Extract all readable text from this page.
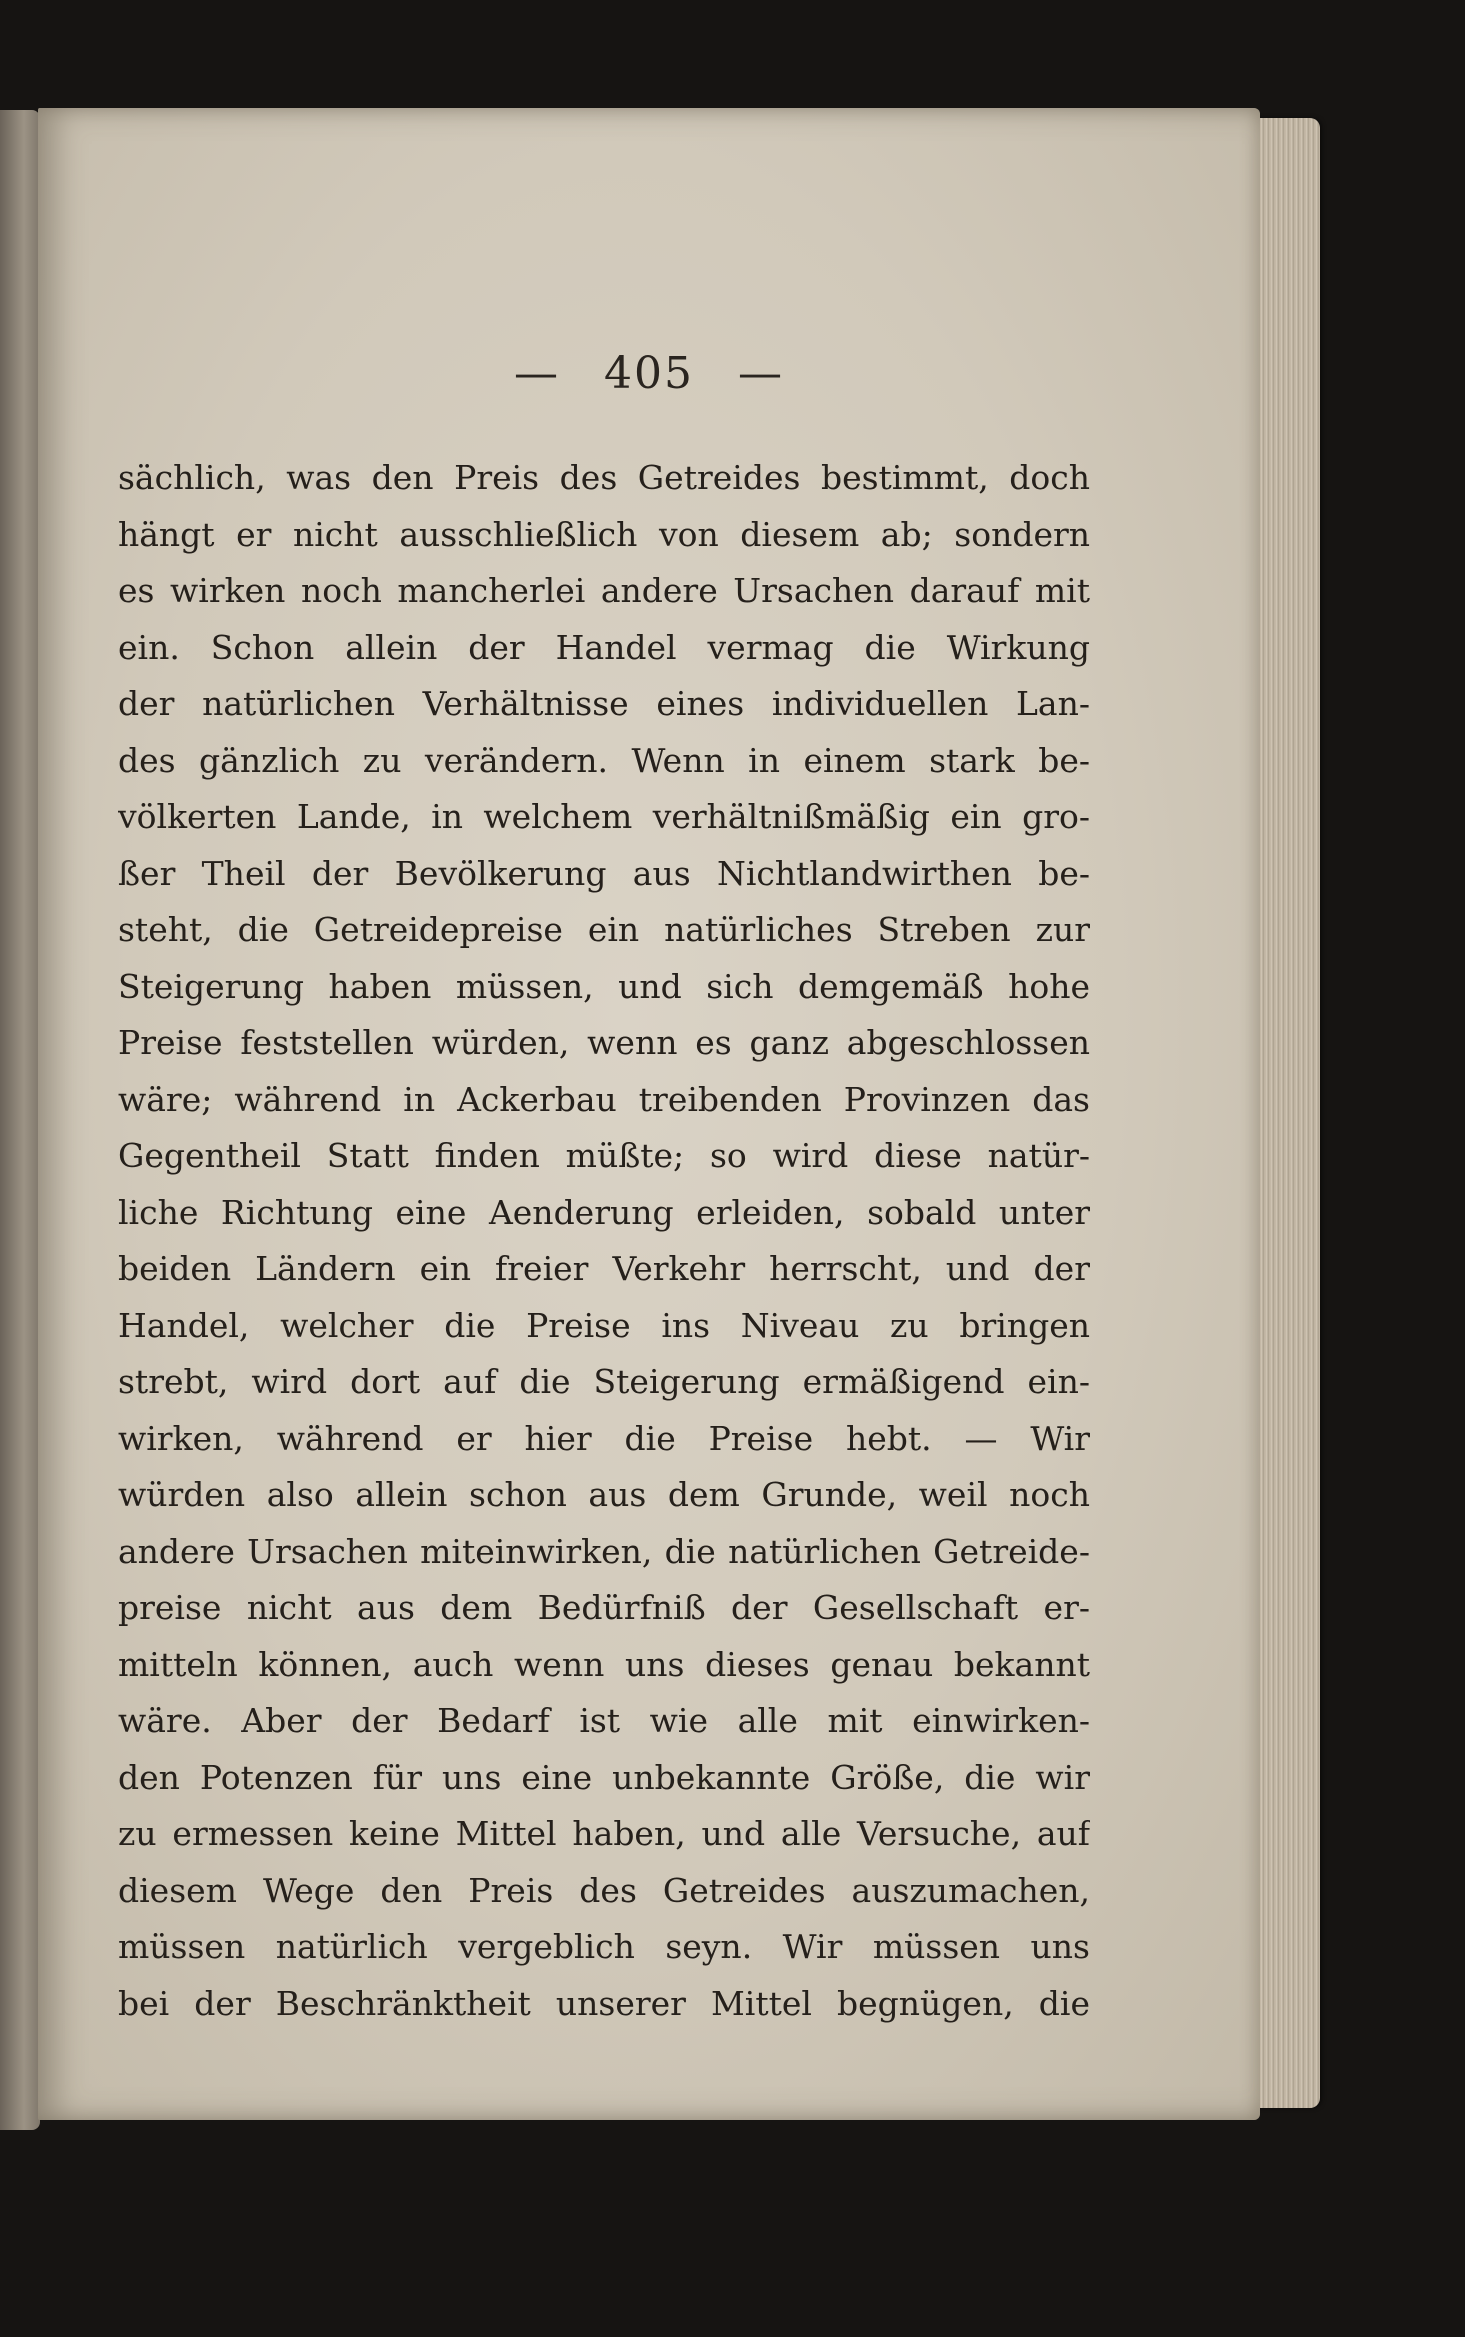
— 405 —
sächlich, was den Preis des Getreides bestimmt, doch
hängt er nicht ausschließlich von diesem ab; sondern
es wirken noch mancherlei andere Ursachen darauf mit
ein. Schon allein der Handel vermag die Wirkung
der natürlichen Verhältnisse eines individuellen Lan-
des gänzlich zu verändern. Wenn in einem stark be-
völkerten Lande, in welchem verhältnißmäßig ein gro-
ßer Theil der Bevölkerung aus Nichtlandwirthen be-
steht, die Getreidepreise ein natürliches Streben zur
Steigerung haben müssen, und sich demgemäß hohe
Preise feststellen würden, wenn es ganz abgeschlossen
wäre; während in Ackerbau treibenden Provinzen das
Gegentheil Statt finden müßte; so wird diese natür-
liche Richtung eine Aenderung erleiden, sobald unter
beiden Ländern ein freier Verkehr herrscht, und der
Handel, welcher die Preise ins Niveau zu bringen
strebt, wird dort auf die Steigerung ermäßigend ein-
wirken, während er hier die Preise hebt. — Wir
würden also allein schon aus dem Grunde, weil noch
andere Ursachen miteinwirken, die natürlichen Getreide-
preise nicht aus dem Bedürfniß der Gesellschaft er-
mitteln können, auch wenn uns dieses genau bekannt
wäre. Aber der Bedarf ist wie alle mit einwirken-
den Potenzen für uns eine unbekannte Größe, die wir
zu ermessen keine Mittel haben, und alle Versuche, auf
diesem Wege den Preis des Getreides auszumachen,
müssen natürlich vergeblich seyn. Wir müssen uns
bei der Beschränktheit unserer Mittel begnügen, die
